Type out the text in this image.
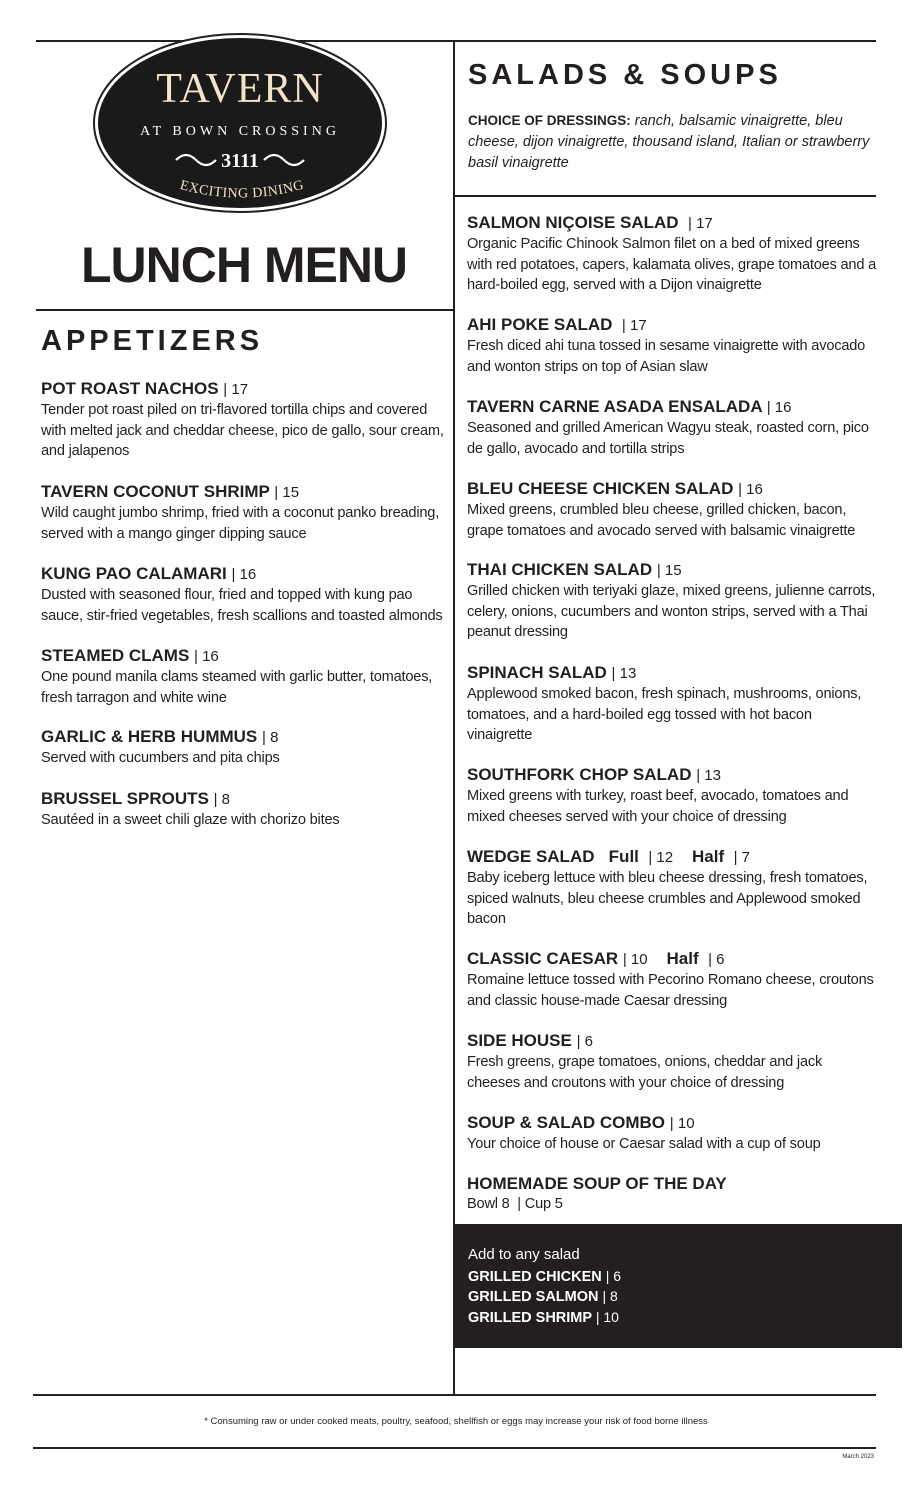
TAVERN
AT BOWN CROSSING
3111
EXCITING DINING
LUNCH MENU
APPETIZERS
POT ROAST NACHOS | 17
Tender pot roast piled on tri-flavored tortilla chips and covered with melted jack and cheddar cheese, pico de gallo, sour cream, and jalapenos
TAVERN COCONUT SHRIMP | 15
Wild caught jumbo shrimp, fried with a coconut panko breading, served with a mango ginger dipping sauce
KUNG PAO CALAMARI | 16
Dusted with seasoned flour, fried and topped with kung pao sauce, stir-fried vegetables, fresh scallions and toasted almonds
STEAMED CLAMS | 16
One pound manila clams steamed with garlic butter, tomatoes, fresh tarragon and white wine
GARLIC & HERB HUMMUS | 8
Served with cucumbers and pita chips
BRUSSEL SPROUTS | 8
Sautéed in a sweet chili glaze with chorizo bites
SALADS & SOUPS
CHOICE OF DRESSINGS: ranch, balsamic vinaigrette, bleu cheese, dijon vinaigrette, thousand island, Italian or strawberry basil vinaigrette
SALMON NIÇOISE SALAD | 17
Organic Pacific Chinook Salmon filet on a bed of mixed greens with red potatoes, capers, kalamata olives, grape tomatoes and a hard-boiled egg, served with a Dijon vinaigrette
AHI POKE SALAD | 17
Fresh diced ahi tuna tossed in sesame vinaigrette with avocado and wonton strips on top of Asian slaw
TAVERN CARNE ASADA ENSALADA | 16
Seasoned and grilled American Wagyu steak, roasted corn, pico de gallo, avocado and tortilla strips
BLEU CHEESE CHICKEN SALAD | 16
Mixed greens, crumbled bleu cheese, grilled chicken, bacon, grape tomatoes and avocado served with balsamic vinaigrette
THAI CHICKEN SALAD | 15
Grilled chicken with teriyaki glaze, mixed greens, julienne carrots, celery, onions, cucumbers and wonton strips, served with a Thai peanut dressing
SPINACH SALAD | 13
Applewood smoked bacon, fresh spinach, mushrooms, onions, tomatoes, and a hard-boiled egg tossed with hot bacon vinaigrette
SOUTHFORK CHOP SALAD | 13
Mixed greens with turkey, roast beef, avocado, tomatoes and mixed cheeses served with your choice of dressing
WEDGE SALAD Full | 12 Half | 7
Baby iceberg lettuce with bleu cheese dressing, fresh tomatoes, spiced walnuts, bleu cheese crumbles and Applewood smoked bacon
CLASSIC CAESAR | 10 Half | 6
Romaine lettuce tossed with Pecorino Romano cheese, croutons and classic house-made Caesar dressing
SIDE HOUSE | 6
Fresh greens, grape tomatoes, onions, cheddar and jack cheeses and croutons with your choice of dressing
SOUP & SALAD COMBO | 10
Your choice of house or Caesar salad with a cup of soup
HOMEMADE SOUP OF THE DAY
Bowl 8  | Cup 5
Add to any salad
GRILLED CHICKEN | 6
GRILLED SALMON | 8
GRILLED SHRIMP | 10
* Consuming raw or under cooked meats, poultry, seafood, shellfish or eggs may increase your risk of food borne illness
March 2023
